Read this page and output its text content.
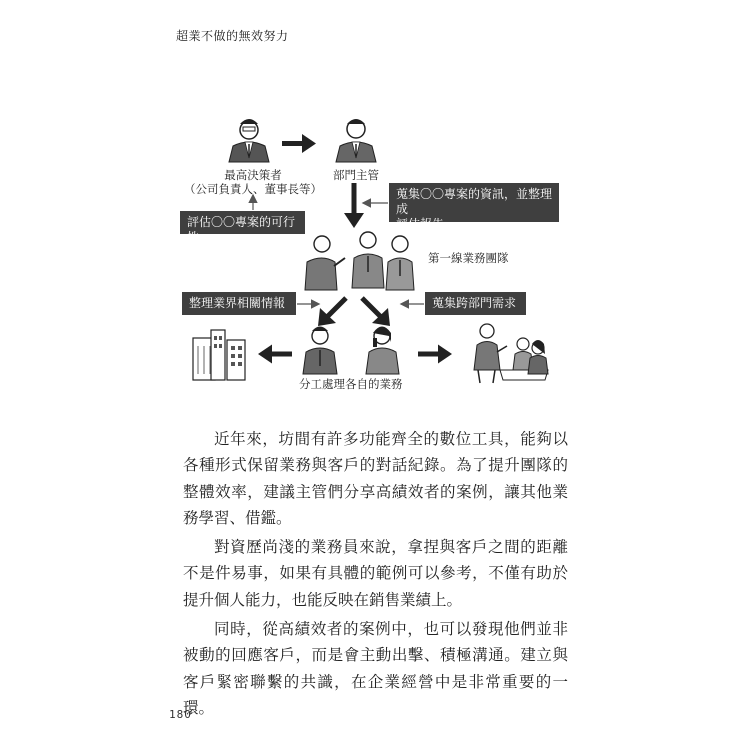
超業不做的無效努力
最高決策者
（公司負責人、董事長等）
部門主管
第一線業務團隊
分工處理各自的業務
評估〇〇專案的可行性
蒐集〇〇專案的資訊，並整理成
評估報告
整理業界相關情報	蒐集跨部門需求

近年來，坊間有許多功能齊全的數位工具，能夠以各種形式保留業務與客戶的對話紀錄。為了提升團隊的整體效率，建議主管們分享高績效者的案例，讓其他業務學習、借鑑。

對資歷尚淺的業務員來說，拿捏與客戶之間的距離不是件易事，如果有具體的範例可以參考，不僅有助於提升個人能力，也能反映在銷售業績上。

同時，從高績效者的案例中，也可以發現他們並非被動的回應客戶，而是會主動出擊、積極溝通。建立與客戶緊密聯繫的共識，在企業經營中是非常重要的一環。

180
